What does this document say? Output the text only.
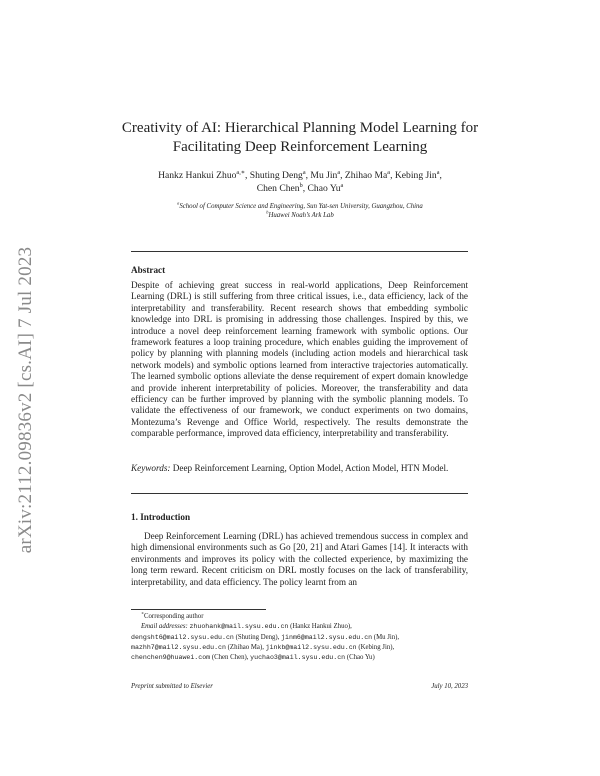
arXiv:2112.09836v2 [cs.AI] 7 Jul 2023
Creativity of AI: Hierarchical Planning Model Learning for
Facilitating Deep Reinforcement Learning
Hankz Hankui Zhuo$^{a,∗}$, Shuting Deng$^a$, Mu Jin$^a$, Zhihao Ma$^a$, Kebing Jin$^a$, Chen Chen$^b$, Chao Yu$^a$
$^a$School of Computer Science and Engineering, Sun Yat-sen University, Guangzhou, China
$^b$Huawei Noah’s Ark Lab
Abstract
Despite of achieving great success in real-world applications, Deep Reinforcement Learning (DRL) is still suffering from three critical issues, i.e., data efficiency, lack of the interpretability and transferability. Recent research shows that embedding symbolic knowledge into DRL is promising in addressing those challenges. Inspired by this, we introduce a novel deep reinforcement learning framework with symbolic options. Our framework features a loop training procedure, which enables guiding the improvement of policy by planning with planning models (including action models and hierarchical task network models) and symbolic options learned from interactive trajectories automatically. The learned symbolic options alleviate the dense requirement of expert domain knowledge and provide inherent interpretability of policies. Moreover, the transferability and data efficiency can be further improved by planning with the symbolic planning models. To validate the effectiveness of our framework, we conduct experiments on two domains, Montezuma’s Revenge and Office World, respectively. The results demonstrate the comparable performance, improved data efficiency, interpretability and transferability.
Keywords: Deep Reinforcement Learning, Option Model, Action Model, HTN Model.
1. Introduction
Deep Reinforcement Learning (DRL) has achieved tremendous success in complex and high dimensional environments such as Go [20, 21] and Atari Games [14]. It interacts with environments and improves its policy with the collected experience, by maximizing the long term reward. Recent criticism on DRL mostly focuses on the lack of transferability, interpretability, and data efficiency. The policy learnt from an
∗Corresponding author
Email addresses: zhuohank@mail.sysu.edu.cn (Hankz Hankui Zhuo),
dengsht6@mail2.sysu.edu.cn (Shuting Deng), jinm6@mail2.sysu.edu.cn (Mu Jin),
mazhh7@mail2.sysu.edu.cn (Zhihao Ma), jinkb@mail2.sysu.edu.cn (Kebing Jin),
chenchen9@huawei.com (Chen Chen), yuchao3@mail.sysu.edu.cn (Chao Yu)
Preprint submitted to Elsevier	July 10, 2023
